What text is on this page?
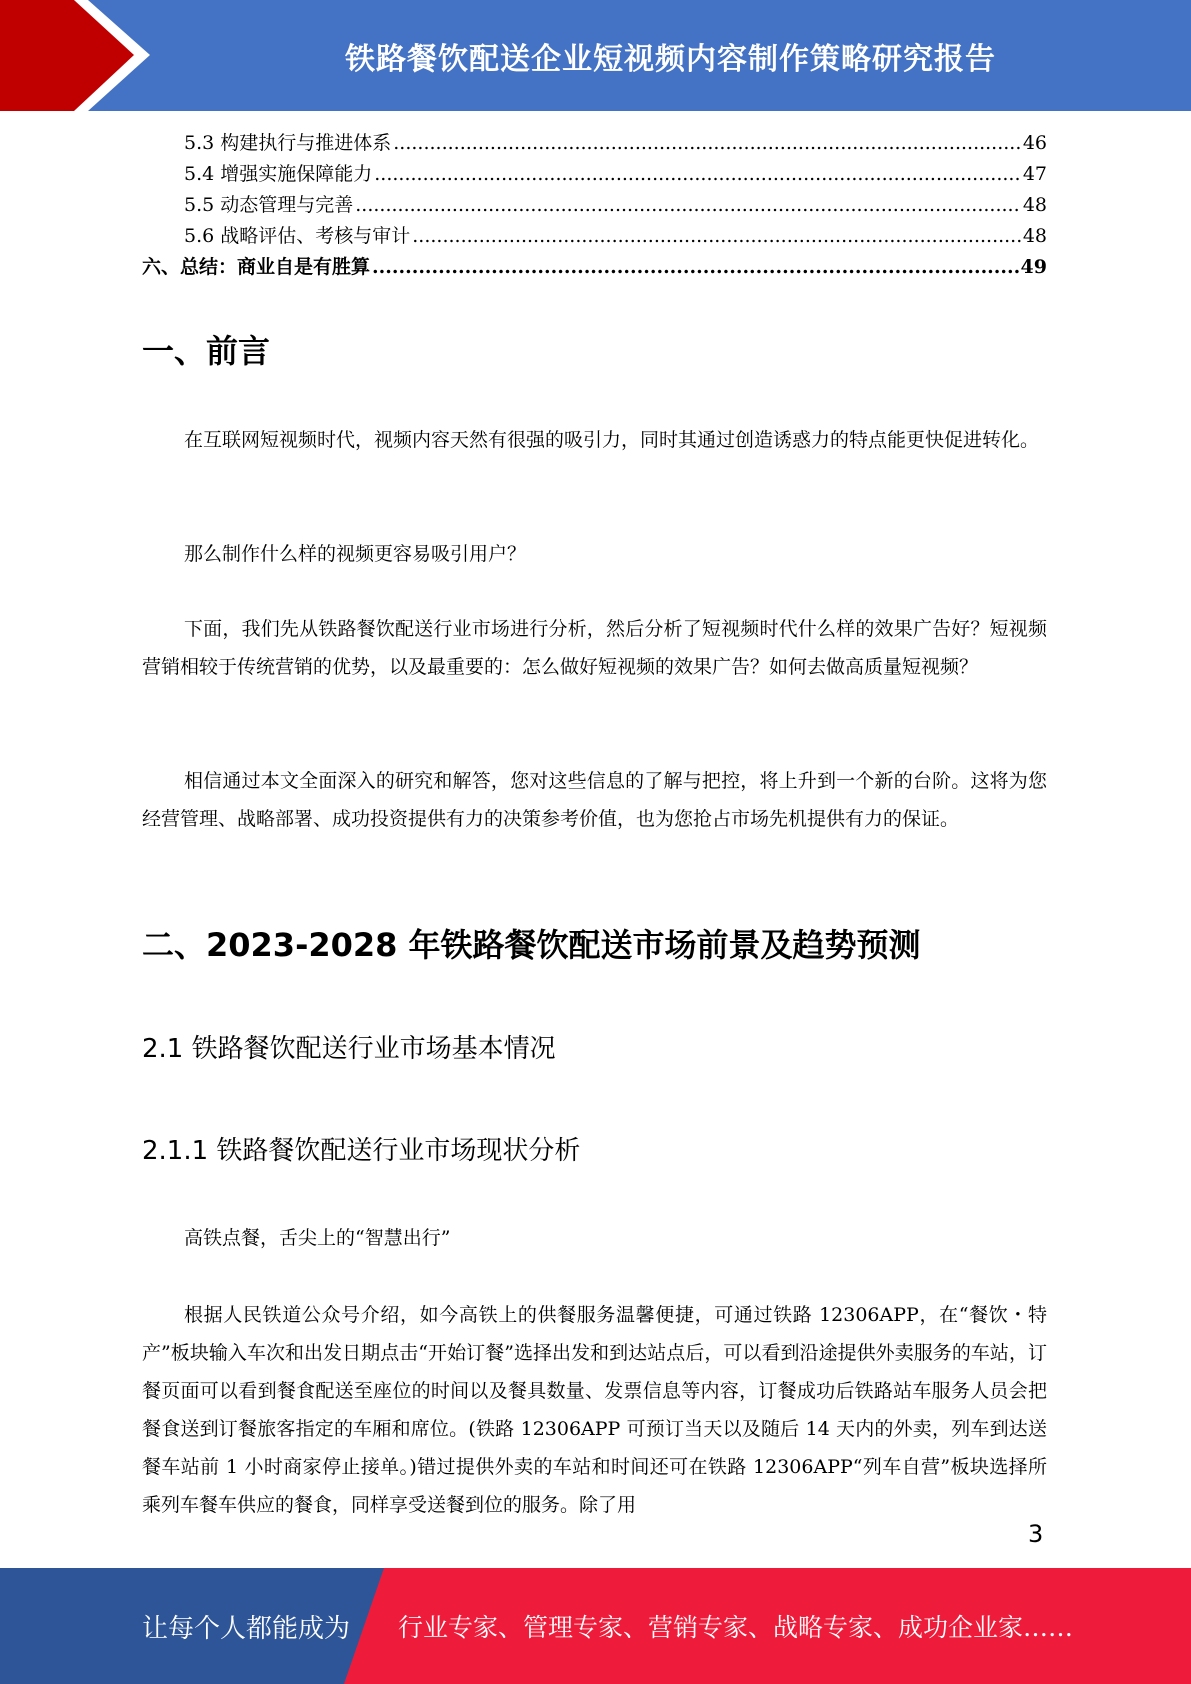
铁路餐饮配送企业短视频内容制作策略研究报告
5.3 构建执行与推进体系 .....	46
5.4 增强实施保障能力 .....	47
5.5 动态管理与完善 .....	48
5.6 战略评估、考核与审计 .....	48
六、总结：商业自是有胜算 .....	49
一、前言

在互联网短视频时代，视频内容天然有很强的吸引力，同时其通过创造诱惑力的特点能更快促进转化。

那么制作什么样的视频更容易吸引用户？

下面，我们先从铁路餐饮配送行业市场进行分析，然后分析了短视频时代什么样的效果广告好？短视频营销相较于传统营销的优势，以及最重要的：怎么做好短视频的效果广告？如何去做高质量短视频？

相信通过本文全面深入的研究和解答，您对这些信息的了解与把控，将上升到一个新的台阶。这将为您经营管理、战略部署、成功投资提供有力的决策参考价值，也为您抢占市场先机提供有力的保证。

二、2023-2028 年铁路餐饮配送市场前景及趋势预测
2.1 铁路餐饮配送行业市场基本情况
2.1.1 铁路餐饮配送行业市场现状分析

高铁点餐，舌尖上的“智慧出行”

根据人民铁道公众号介绍，如今高铁上的供餐服务温馨便捷，可通过铁路 12306APP，在“餐饮・特产”板块输入车次和出发日期点击“开始订餐”选择出发和到达站点后，可以看到沿途提供外卖服务的车站，订餐页面可以看到餐食配送至座位的时间以及餐具数量、发票信息等内容，订餐成功后铁路站车服务人员会把餐食送到订餐旅客指定的车厢和席位。(铁路 12306APP 可预订当天以及随后 14 天内的外卖，列车到达送餐车站前 1 小时商家停止接单。)错过提供外卖的车站和时间还可在铁路 12306APP“列车自营”板块选择所乘列车餐车供应的餐食，同样享受送餐到位的服务。除了用

3
让每个人都能成为 行业专家、管理专家、营销专家、战略专家、成功企业家……
